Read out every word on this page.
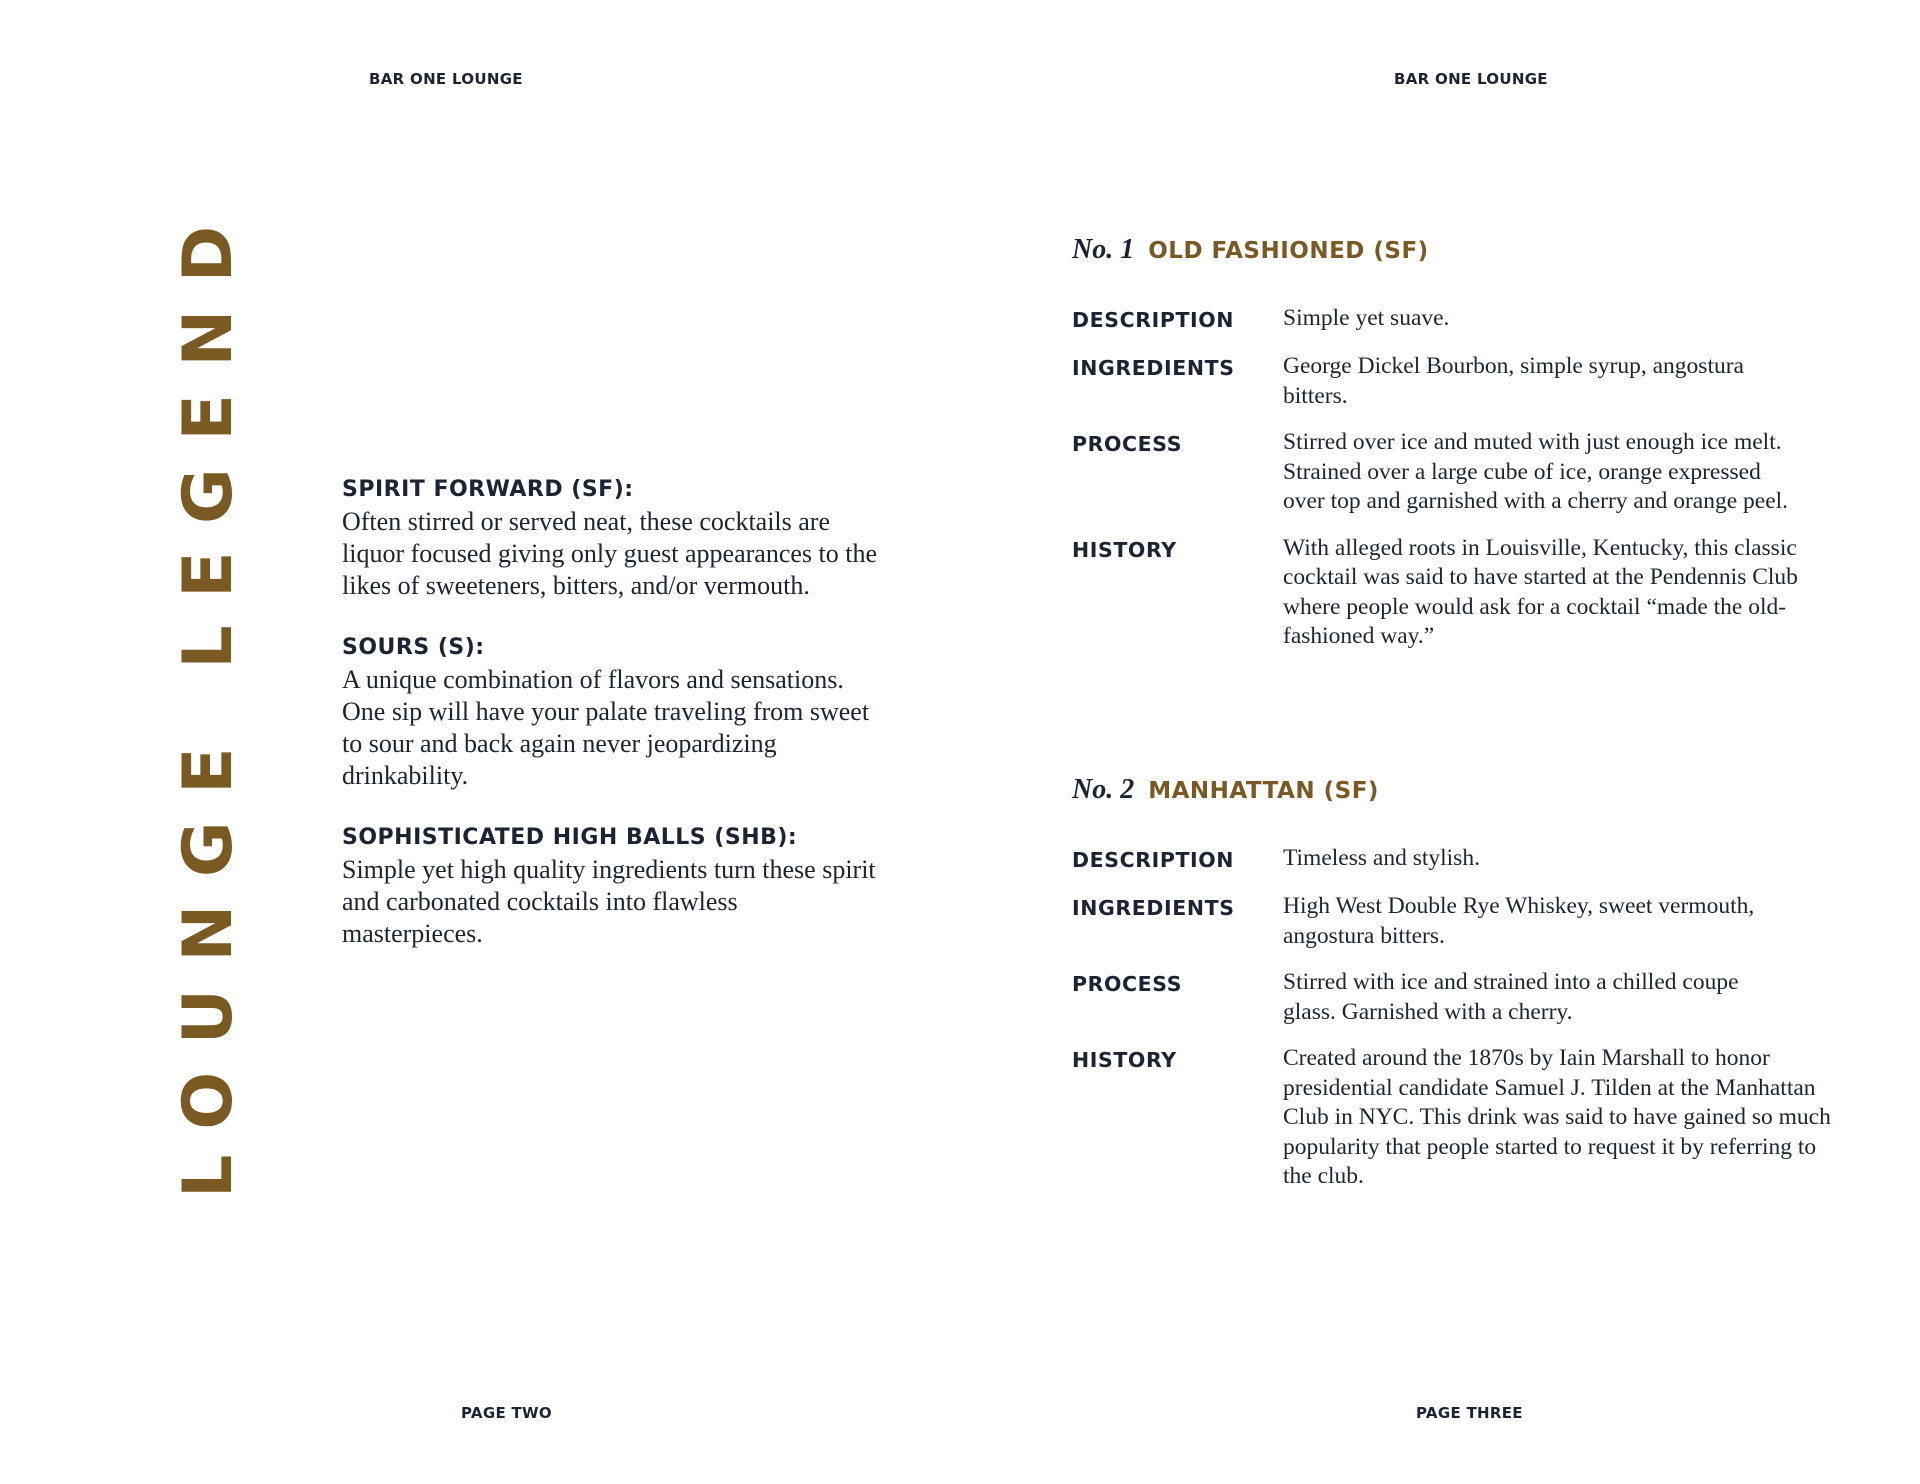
BAR ONE LOUNGE	BAR ONE LOUNGE
LOUNGE LEGEND	SPIRIT FORWARD (SF):
Often stirred or served neat, these cocktails are liquor focused giving only guest appearances to the likes of sweeteners, bitters, and/or vermouth.
SOURS (S):
A unique combination of flavors and sensations. One sip will have your palate traveling from sweet to sour and back again never jeopardizing drinkability.
SOPHISTICATED HIGH BALLS (SHB):
Simple yet high quality ingredients turn these spirit and carbonated cocktails into flawless masterpieces.
No. 1 OLD FASHIONED (SF)
DESCRIPTION	Simple yet suave.
INGREDIENTS	George Dickel Bourbon, simple syrup, angostura bitters.
PROCESS	Stirred over ice and muted with just enough ice melt. Strained over a large cube of ice, orange expressed over top and garnished with a cherry and orange peel.
HISTORY	With alleged roots in Louisville, Kentucky, this classic cocktail was said to have started at the Pendennis Club where people would ask for a cocktail “made the old-fashioned way.”
No. 2 MANHATTAN (SF)
DESCRIPTION	Timeless and stylish.
INGREDIENTS	High West Double Rye Whiskey, sweet vermouth, angostura bitters.
PROCESS	Stirred with ice and strained into a chilled coupe glass. Garnished with a cherry.
HISTORY	Created around the 1870s by Iain Marshall to honor presidential candidate Samuel J. Tilden at the Manhattan Club in NYC. This drink was said to have gained so much popularity that people started to request it by referring to the club.
PAGE TWO	PAGE THREE
